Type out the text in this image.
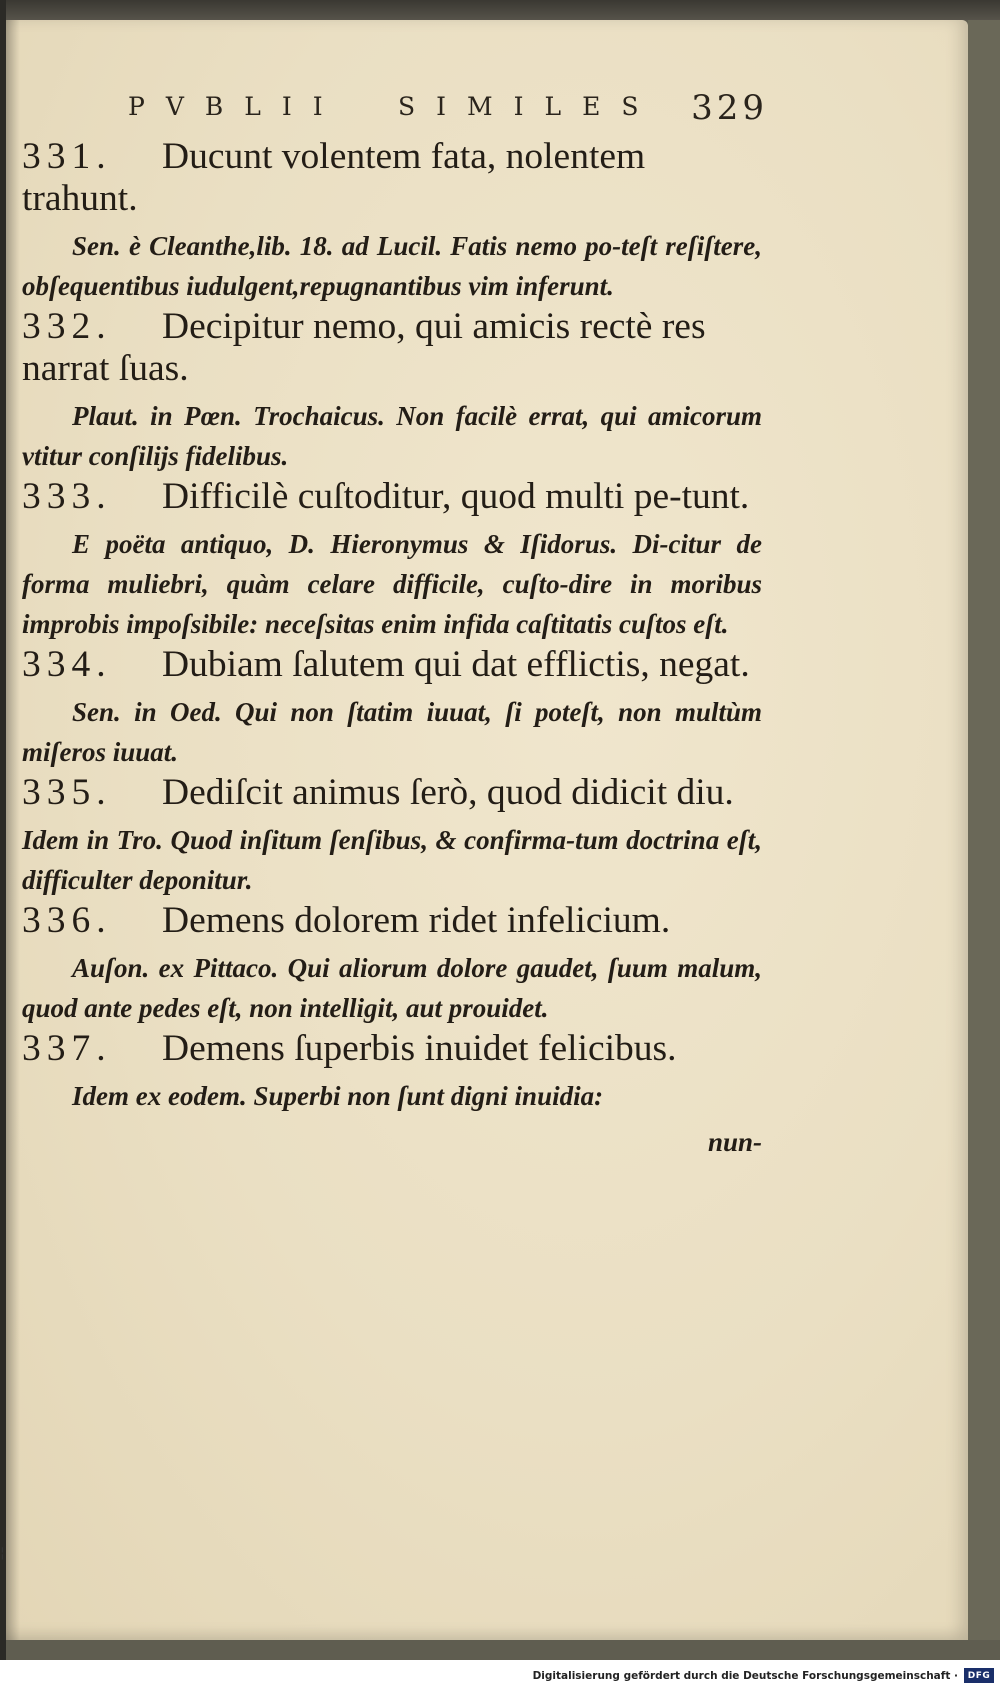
PVBLII SIMILES 329

331. Ducunt volentem fata, nolentem trahunt.

Sen. è Cleanthe,lib. 18. ad Lucil. Fatis nemo po-teſt reſiſtere, obſequentibus iudulgent,repugnantibus vim inferunt.

332. Decipitur nemo, qui amicis rectè res narrat ſuas.

Plaut. in Pœn. Trochaicus. Non facilè errat, qui amicorum vtitur conſilijs fidelibus.

333. Difficilè cuſtoditur, quod multi pe-tunt.

E poëta antiquo, D. Hieronymus & Iſidorus. Di-citur de forma muliebri, quàm celare difficile, cuſto-dire in moribus improbis impoſsibile: neceſsitas enim infida caſtitatis cuſtos eſt.

334. Dubiam ſalutem qui dat efflictis, negat.

Sen. in Oed. Qui non ſtatim iuuat, ſi poteſt, non multùm miſeros iuuat.

335. Dediſcit animus ſerò, quod didicit diu.

Idem in Tro. Quod inſitum ſenſibus, & confirma-tum doctrina eſt, difficulter deponitur.

336. Demens dolorem ridet infelicium.

Auſon. ex Pittaco. Qui aliorum dolore gaudet, ſuum malum, quod ante pedes eſt, non intelligit, aut prouidet.

337. Demens ſuperbis inuidet felicibus.

Idem ex eodem. Superbi non ſunt digni inuidia:

nun-

¦
Digitalisierung gefördert durch die Deutsche Forschungsgemeinschaft ·	DFG
